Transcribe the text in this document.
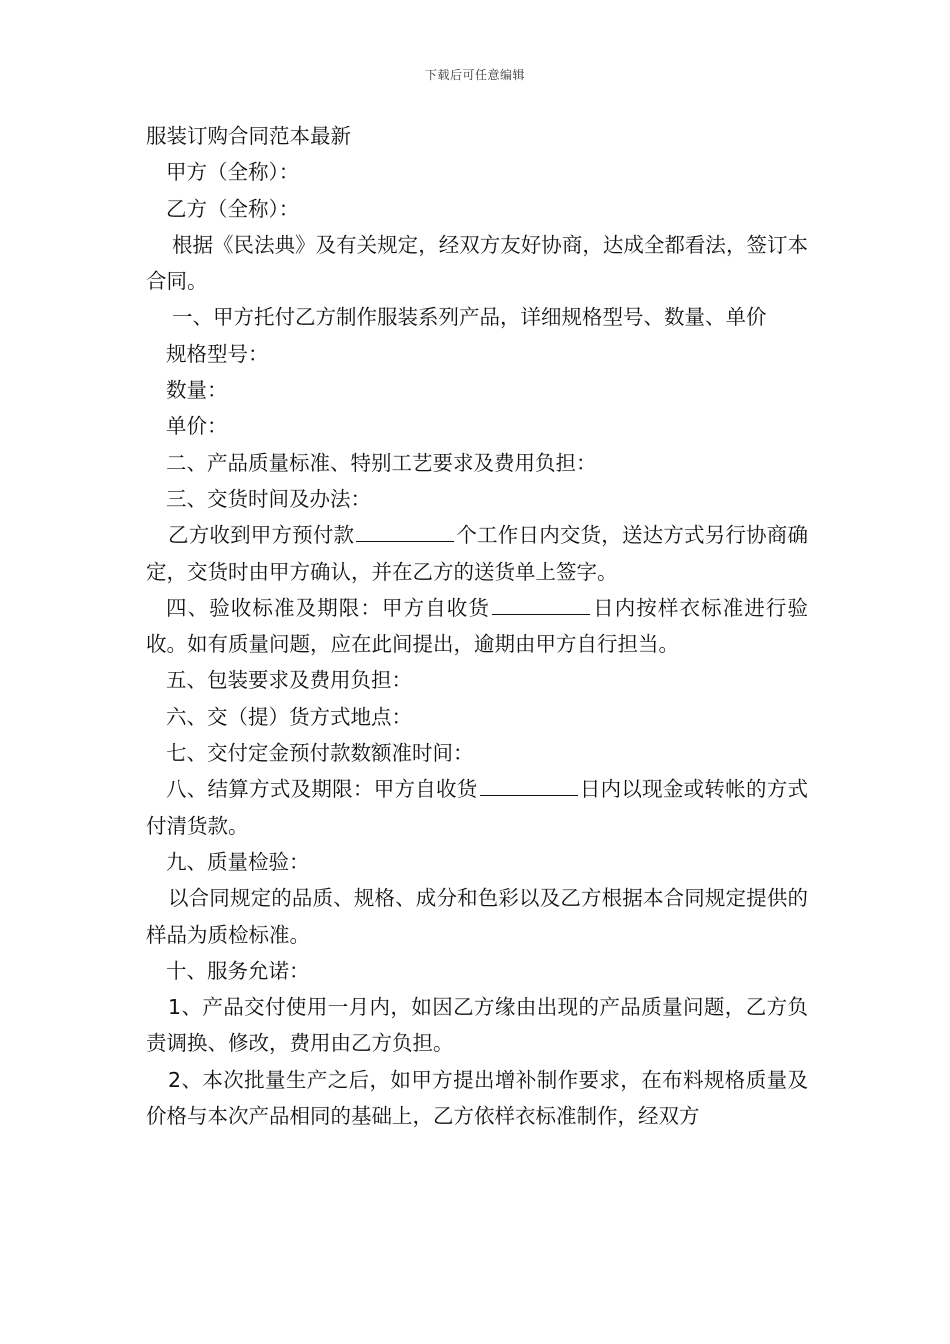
下载后可任意编辑

服装订购合同范本最新

甲方（全称）：

乙方（全称）：

根据《民法典》及有关规定，经双方友好协商，达成全都看法，签订本合同。

一、甲方托付乙方制作服装系列产品，详细规格型号、数量、单价

规格型号：

数量：

单价：

二、产品质量标准、特别工艺要求及费用负担：

三、交货时间及办法：

乙方收到甲方预付款	个工作日内交货，送达方式另行协商确定，交货时由甲方确认，并在乙方的送货单上签字。

四、验收标准及期限：甲方自收货	日内按样衣标准进行验收。如有质量问题，应在此间提出，逾期由甲方自行担当。

五、包装要求及费用负担：

六、交（提）货方式地点：

七、交付定金预付款数额准时间：

八、结算方式及期限：甲方自收货	日内以现金或转帐的方式付清货款。

九、质量检验：

以合同规定的品质、规格、成分和色彩以及乙方根据本合同规定提供的样品为质检标准。

十、服务允诺：

1、产品交付使用一月内，如因乙方缘由出现的产品质量问题，乙方负责调换、修改，费用由乙方负担。

2、本次批量生产之后，如甲方提出增补制作要求，在布料规格质量及价格与本次产品相同的基础上，乙方依样衣标准制作，经双方
